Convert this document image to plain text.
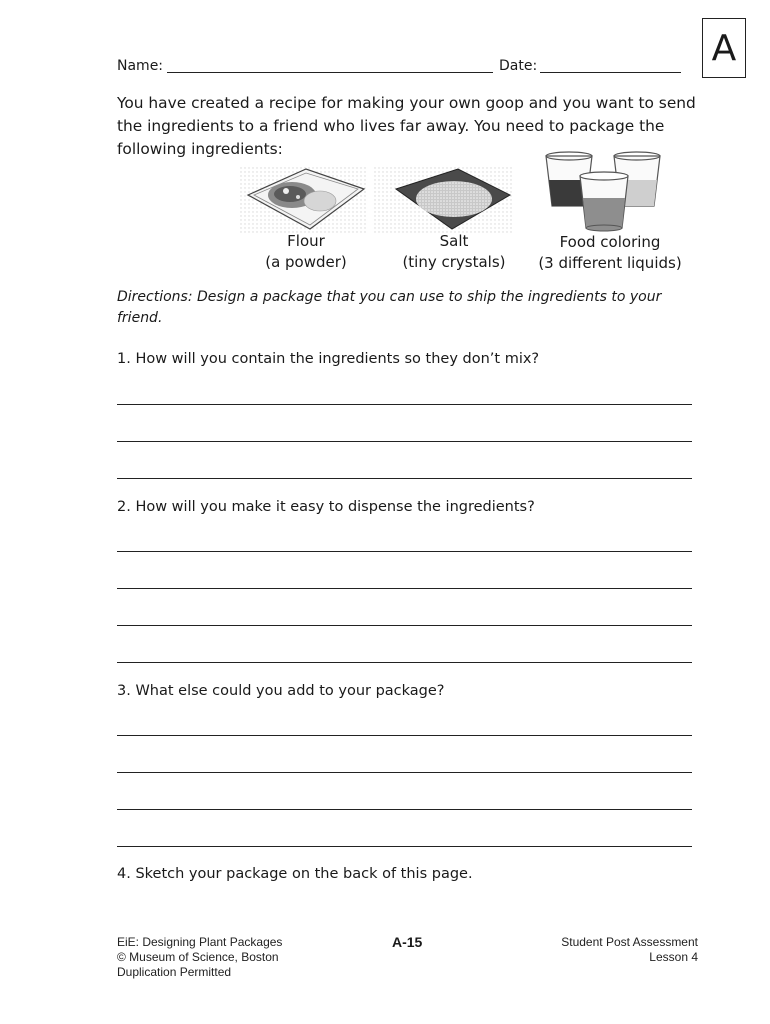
Name:	Date:	A
You have created a recipe for making your own goop and you want to send the ingredients to a friend who lives far away. You need to package the following ingredients:
Flour
(a powder)
Salt
(tiny crystals)
Food coloring
(3 different liquids)
Directions: Design a package that you can use to ship the ingredients to your friend.
1. How will you contain the ingredients so they don’t mix?
2. How will you make it easy to dispense the ingredients?
3. What else could you add to your package?
4. Sketch your package on the back of this page.
EiE: Designing Plant Packages
© Museum of Science, Boston
Duplication Permitted
A-15	Student Post Assessment
Lesson 4
